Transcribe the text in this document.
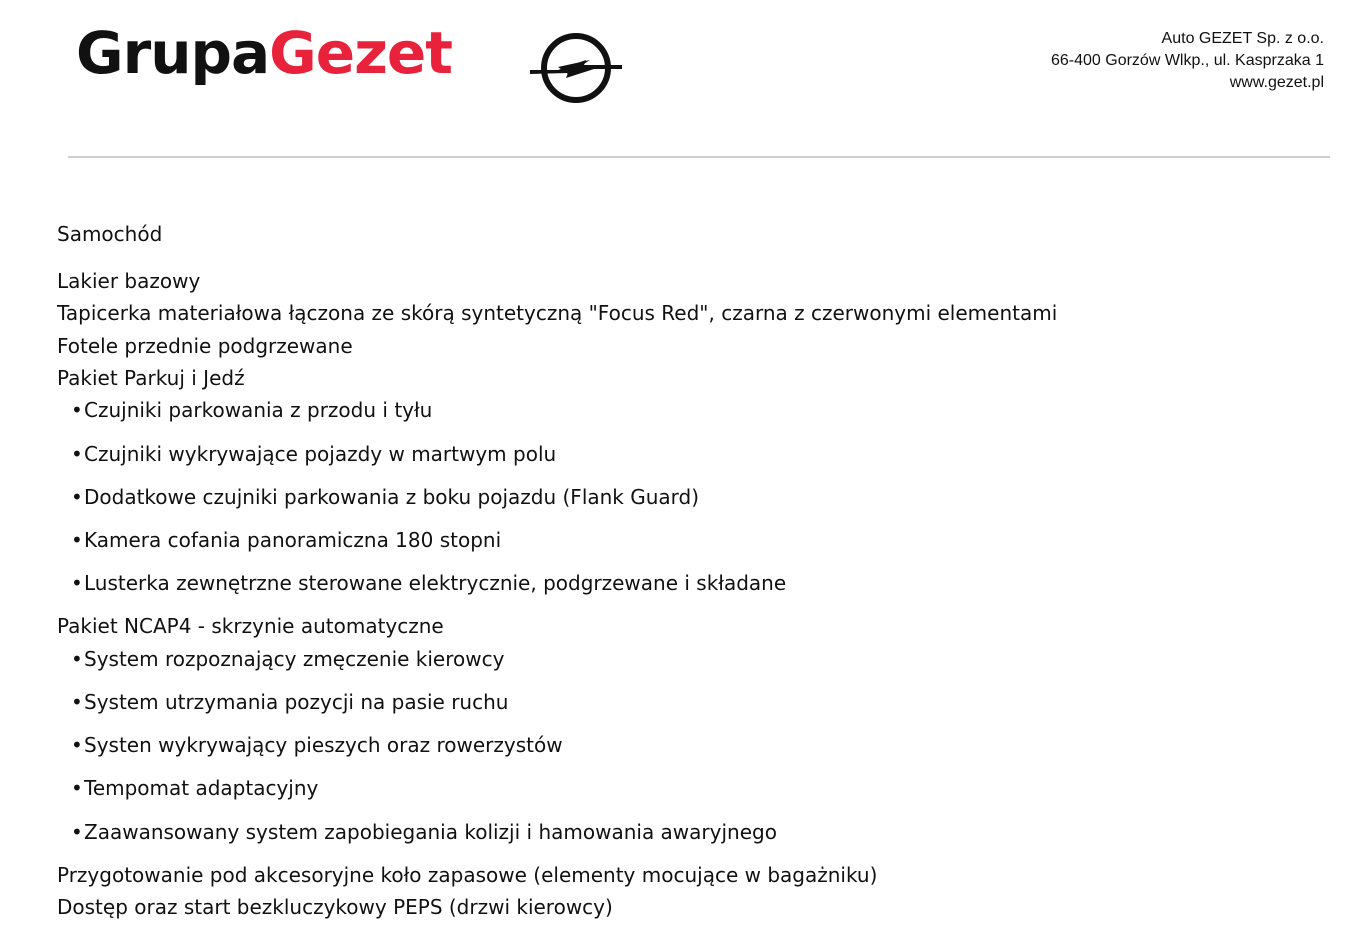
GrupaGezet	Auto GEZET Sp. z o.o.
66-400 Gorzów Wlkp., ul. Kasprzaka 1
www.gezet.pl
Samochód
Lakier bazowy
Tapicerka materiałowa łączona ze skórą syntetyczną "Focus Red", czarna z czerwonymi elementami
Fotele przednie podgrzewane
Pakiet Parkuj i Jedź
•Czujniki parkowania z przodu i tyłu
•Czujniki wykrywające pojazdy w martwym polu
•Dodatkowe czujniki parkowania z boku pojazdu (Flank Guard)
•Kamera cofania panoramiczna 180 stopni
•Lusterka zewnętrzne sterowane elektrycznie, podgrzewane i składane
Pakiet NCAP4 - skrzynie automatyczne
•System rozpoznający zmęczenie kierowcy
•System utrzymania pozycji na pasie ruchu
•Systen wykrywający pieszych oraz rowerzystów
•Tempomat adaptacyjny
•Zaawansowany system zapobiegania kolizji i hamowania awaryjnego
Przygotowanie pod akcesoryjne koło zapasowe (elementy mocujące w bagażniku)
Dostęp oraz start bezkluczykowy PEPS (drzwi kierowcy)
